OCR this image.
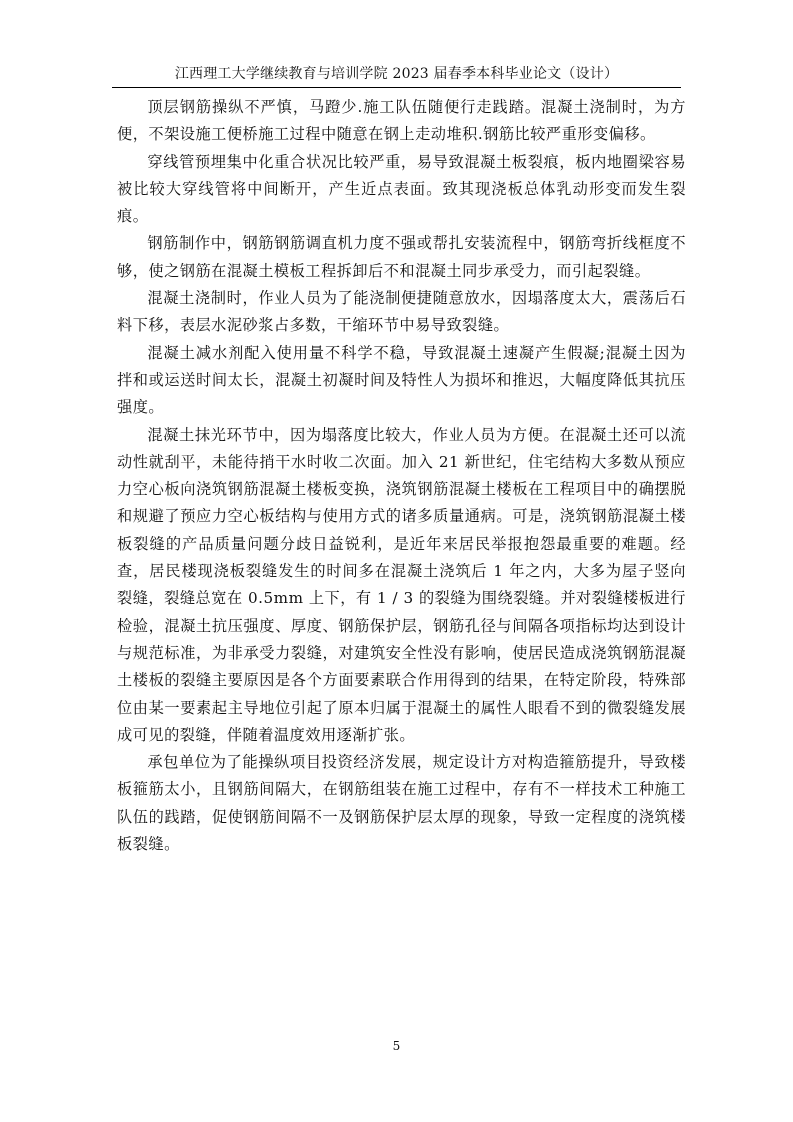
江西理工大学继续教育与培训学院 2023 届春季本科毕业论文（设计）

顶层钢筋操纵不严慎，马蹬少.施工队伍随便行走践踏。混凝土浇制时，为方便，不架设施工便桥施工过程中随意在钢上走动堆积.钢筋比较严重形变偏移。

穿线管预埋集中化重合状况比较严重，易导致混凝土板裂痕，板内地圈梁容易被比较大穿线管将中间断开，产生近点表面。致其现浇板总体乳动形变而发生裂痕。

钢筋制作中，钢筋钢筋调直机力度不强或帮扎安装流程中，钢筋弯折线框度不够，使之钢筋在混凝土模板工程拆卸后不和混凝土同步承受力，而引起裂缝。

混凝土浇制时，作业人员为了能浇制便捷随意放水，因塌落度太大，震荡后石料下移，表层水泥砂浆占多数，干缩环节中易导致裂缝。

混凝土减水剂配入使用量不科学不稳，导致混凝土速凝产生假凝;混凝土因为拌和或运送时间太长，混凝土初凝时间及特性人为损坏和推迟，大幅度降低其抗压强度。

混凝土抹光环节中，因为塌落度比较大，作业人员为方便。在混凝土还可以流动性就刮平，未能待捎干水时收二次面。加入 21 新世纪，住宅结构大多数从预应力空心板向浇筑钢筋混凝土楼板变换，浇筑钢筋混凝土楼板在工程项目中的确摆脱和规避了预应力空心板结构与使用方式的诸多质量通病。可是，浇筑钢筋混凝土楼板裂缝的产品质量问题分歧日益锐利，是近年来居民举报抱怨最重要的难题。经查，居民楼现浇板裂缝发生的时间多在混凝土浇筑后 1 年之内，大多为屋子竖向裂缝，裂缝总宽在 0.5mm 上下，有 1 / 3 的裂缝为围绕裂缝。并对裂缝楼板进行检验，混凝土抗压强度、厚度、钢筋保护层，钢筋孔径与间隔各项指标均达到设计与规范标准，为非承受力裂缝，对建筑安全性没有影响，使居民造成浇筑钢筋混凝土楼板的裂缝主要原因是各个方面要素联合作用得到的结果，在特定阶段，特殊部位由某一要素起主导地位引起了原本归属于混凝土的属性人眼看不到的微裂缝发展成可见的裂缝，伴随着温度效用逐渐扩张。

承包单位为了能操纵项目投资经济发展，规定设计方对构造箍筋提升，导致楼板箍筋太小，且钢筋间隔大，在钢筋组装在施工过程中，存有不一样技术工种施工队伍的践踏，促使钢筋间隔不一及钢筋保护层太厚的现象，导致一定程度的浇筑楼板裂缝。

5
